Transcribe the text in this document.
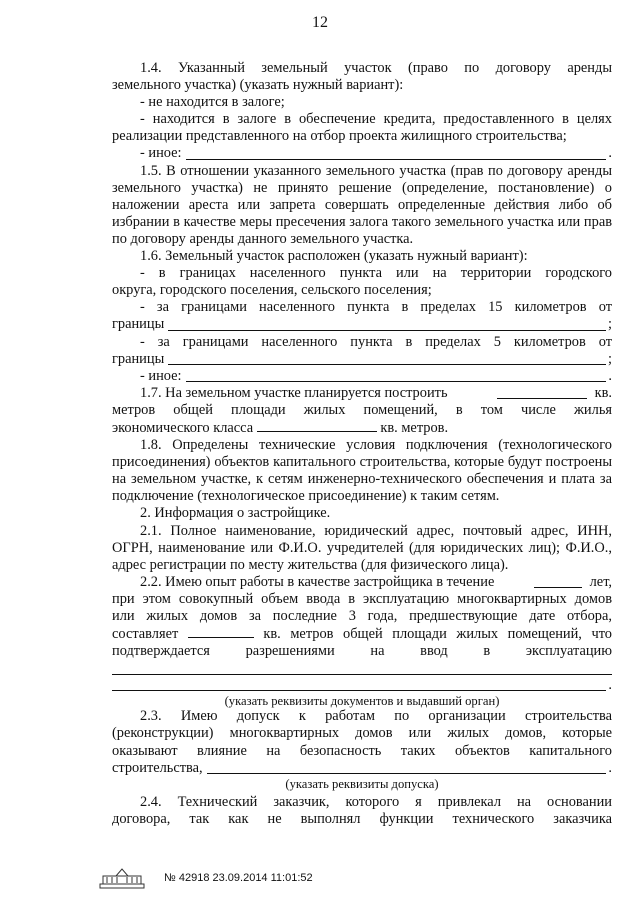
12

1.4. Указанный земельный участок (право по договору аренды

земельного участка) (указать нужный вариант):

- не находится в залоге;

- находится в залоге в обеспечение кредита, предоставленного в целях

реализации представленного на отбор проекта жилищного строительства;

- иное:	.

1.5. В отношении указанного земельного участка (прав по договору аренды земельного участка) не принято решение (определение, постановление) о наложении ареста или запрета совершать определенные действия либо об избрании в качестве меры пресечения залога такого земельного участка или прав по договору аренды данного земельного участка.

1.6. Земельный участок расположен (указать нужный вариант):

- в границах населенного пункта или на территории городского

округа, городского поселения, сельского поселения;

- за границами населенного пункта в пределах 15 километров от

границы	;

- за границами населенного пункта в пределах 5 километров от

границы	;
- иное:	.
1.7. На земельном участке планируется построить	кв.

метров общей площади жилых помещений, в том числе жилья

экономического класса	кв. метров.

1.8. Определены технические условия подключения (технологического присоединения) объектов капитального строительства, которые будут построены на земельном участке, к сетям инженерно-технического обеспечения и плата за подключение (технологическое присоединение) к таким сетям.

2. Информация о застройщике.

2.1. Полное наименование, юридический адрес, почтовый адрес, ИНН, ОГРН, наименование или Ф.И.О. учредителей (для юридических лиц); Ф.И.О., адрес регистрации по месту жительства (для физического лица).

2.2. Имею опыт работы в качестве застройщика в течение	лет,

при этом совокупный объем ввода в эксплуатацию многоквартирных домов

или жилых домов за последние 3 года, предшествующие дате отбора,

составляет	кв. метров общей площади жилых помещений, что

подтверждается разрешениями на ввод в эксплуатацию

.
(указать реквизиты документов и выдавший орган)

2.3. Имею допуск к работам по организации строительства

(реконструкции) многоквартирных домов или жилых домов, которые

оказывают влияние на безопасность таких объектов капитального

строительства,	.
(указать реквизиты допуска)

2.4. Технический заказчик, которого я привлекал на основании

договора, так как не выполнял функции технического заказчика

№ 42918 23.09.2014 11:01:52
